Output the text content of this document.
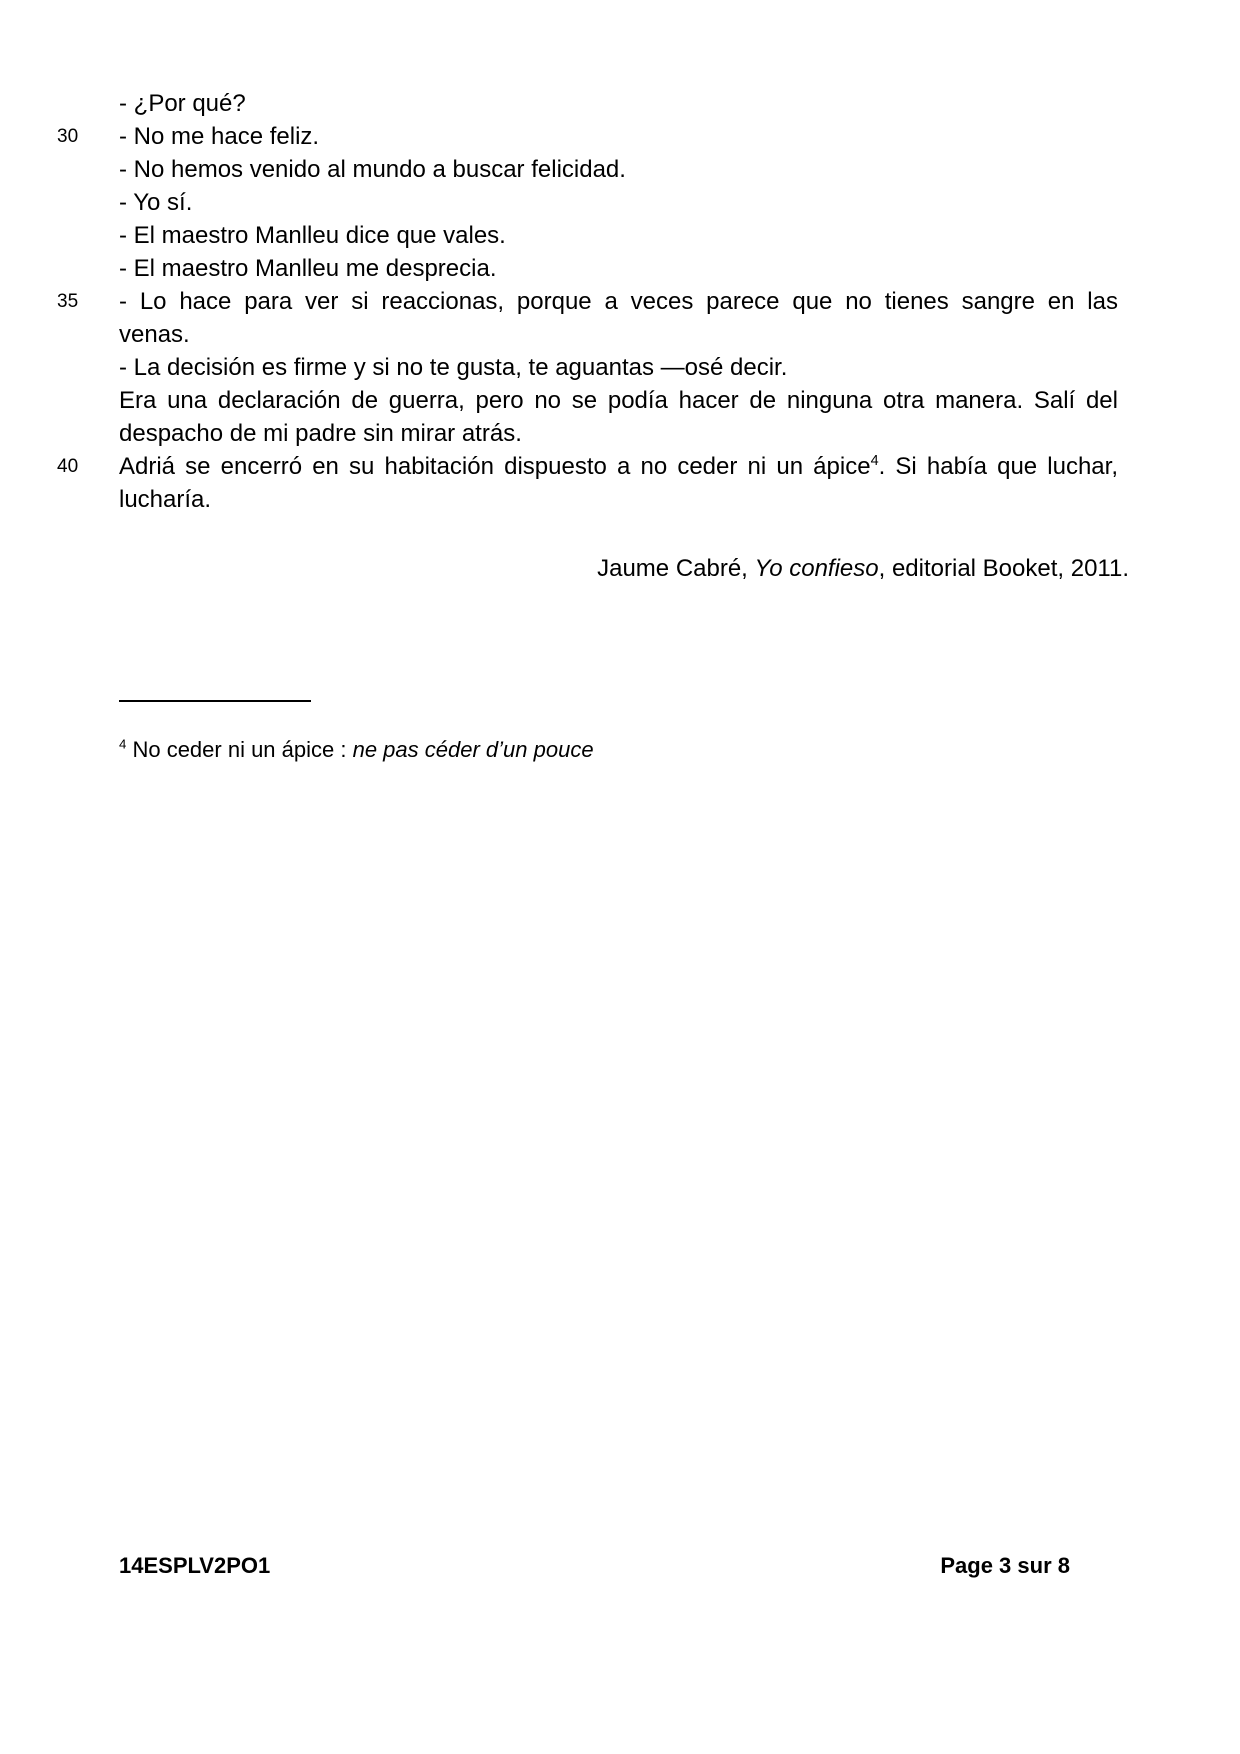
- ¿Por qué?
30 - No me hace feliz.
- No hemos venido al mundo a buscar felicidad.
- Yo sí.
- El maestro Manlleu dice que vales.
- El maestro Manlleu me desprecia.
35 - Lo hace para ver si reaccionas, porque a veces parece que no tienes sangre en las
venas.
- La decisión es firme y si no te gusta, te aguantas —osé decir.
Era una declaración de guerra, pero no se podía hacer de ninguna otra manera. Salí del
despacho de mi padre sin mirar atrás.
40 Adriá se encerró en su habitación dispuesto a no ceder ni un ápice$^4$. Si había que luchar,
lucharía.
Jaume Cabré, Yo confieso, editorial Booket, 2011.
$^4$ No ceder ni un ápice : ne pas céder d’un pouce
14ESPLV2PO1	Page 3 sur 8
